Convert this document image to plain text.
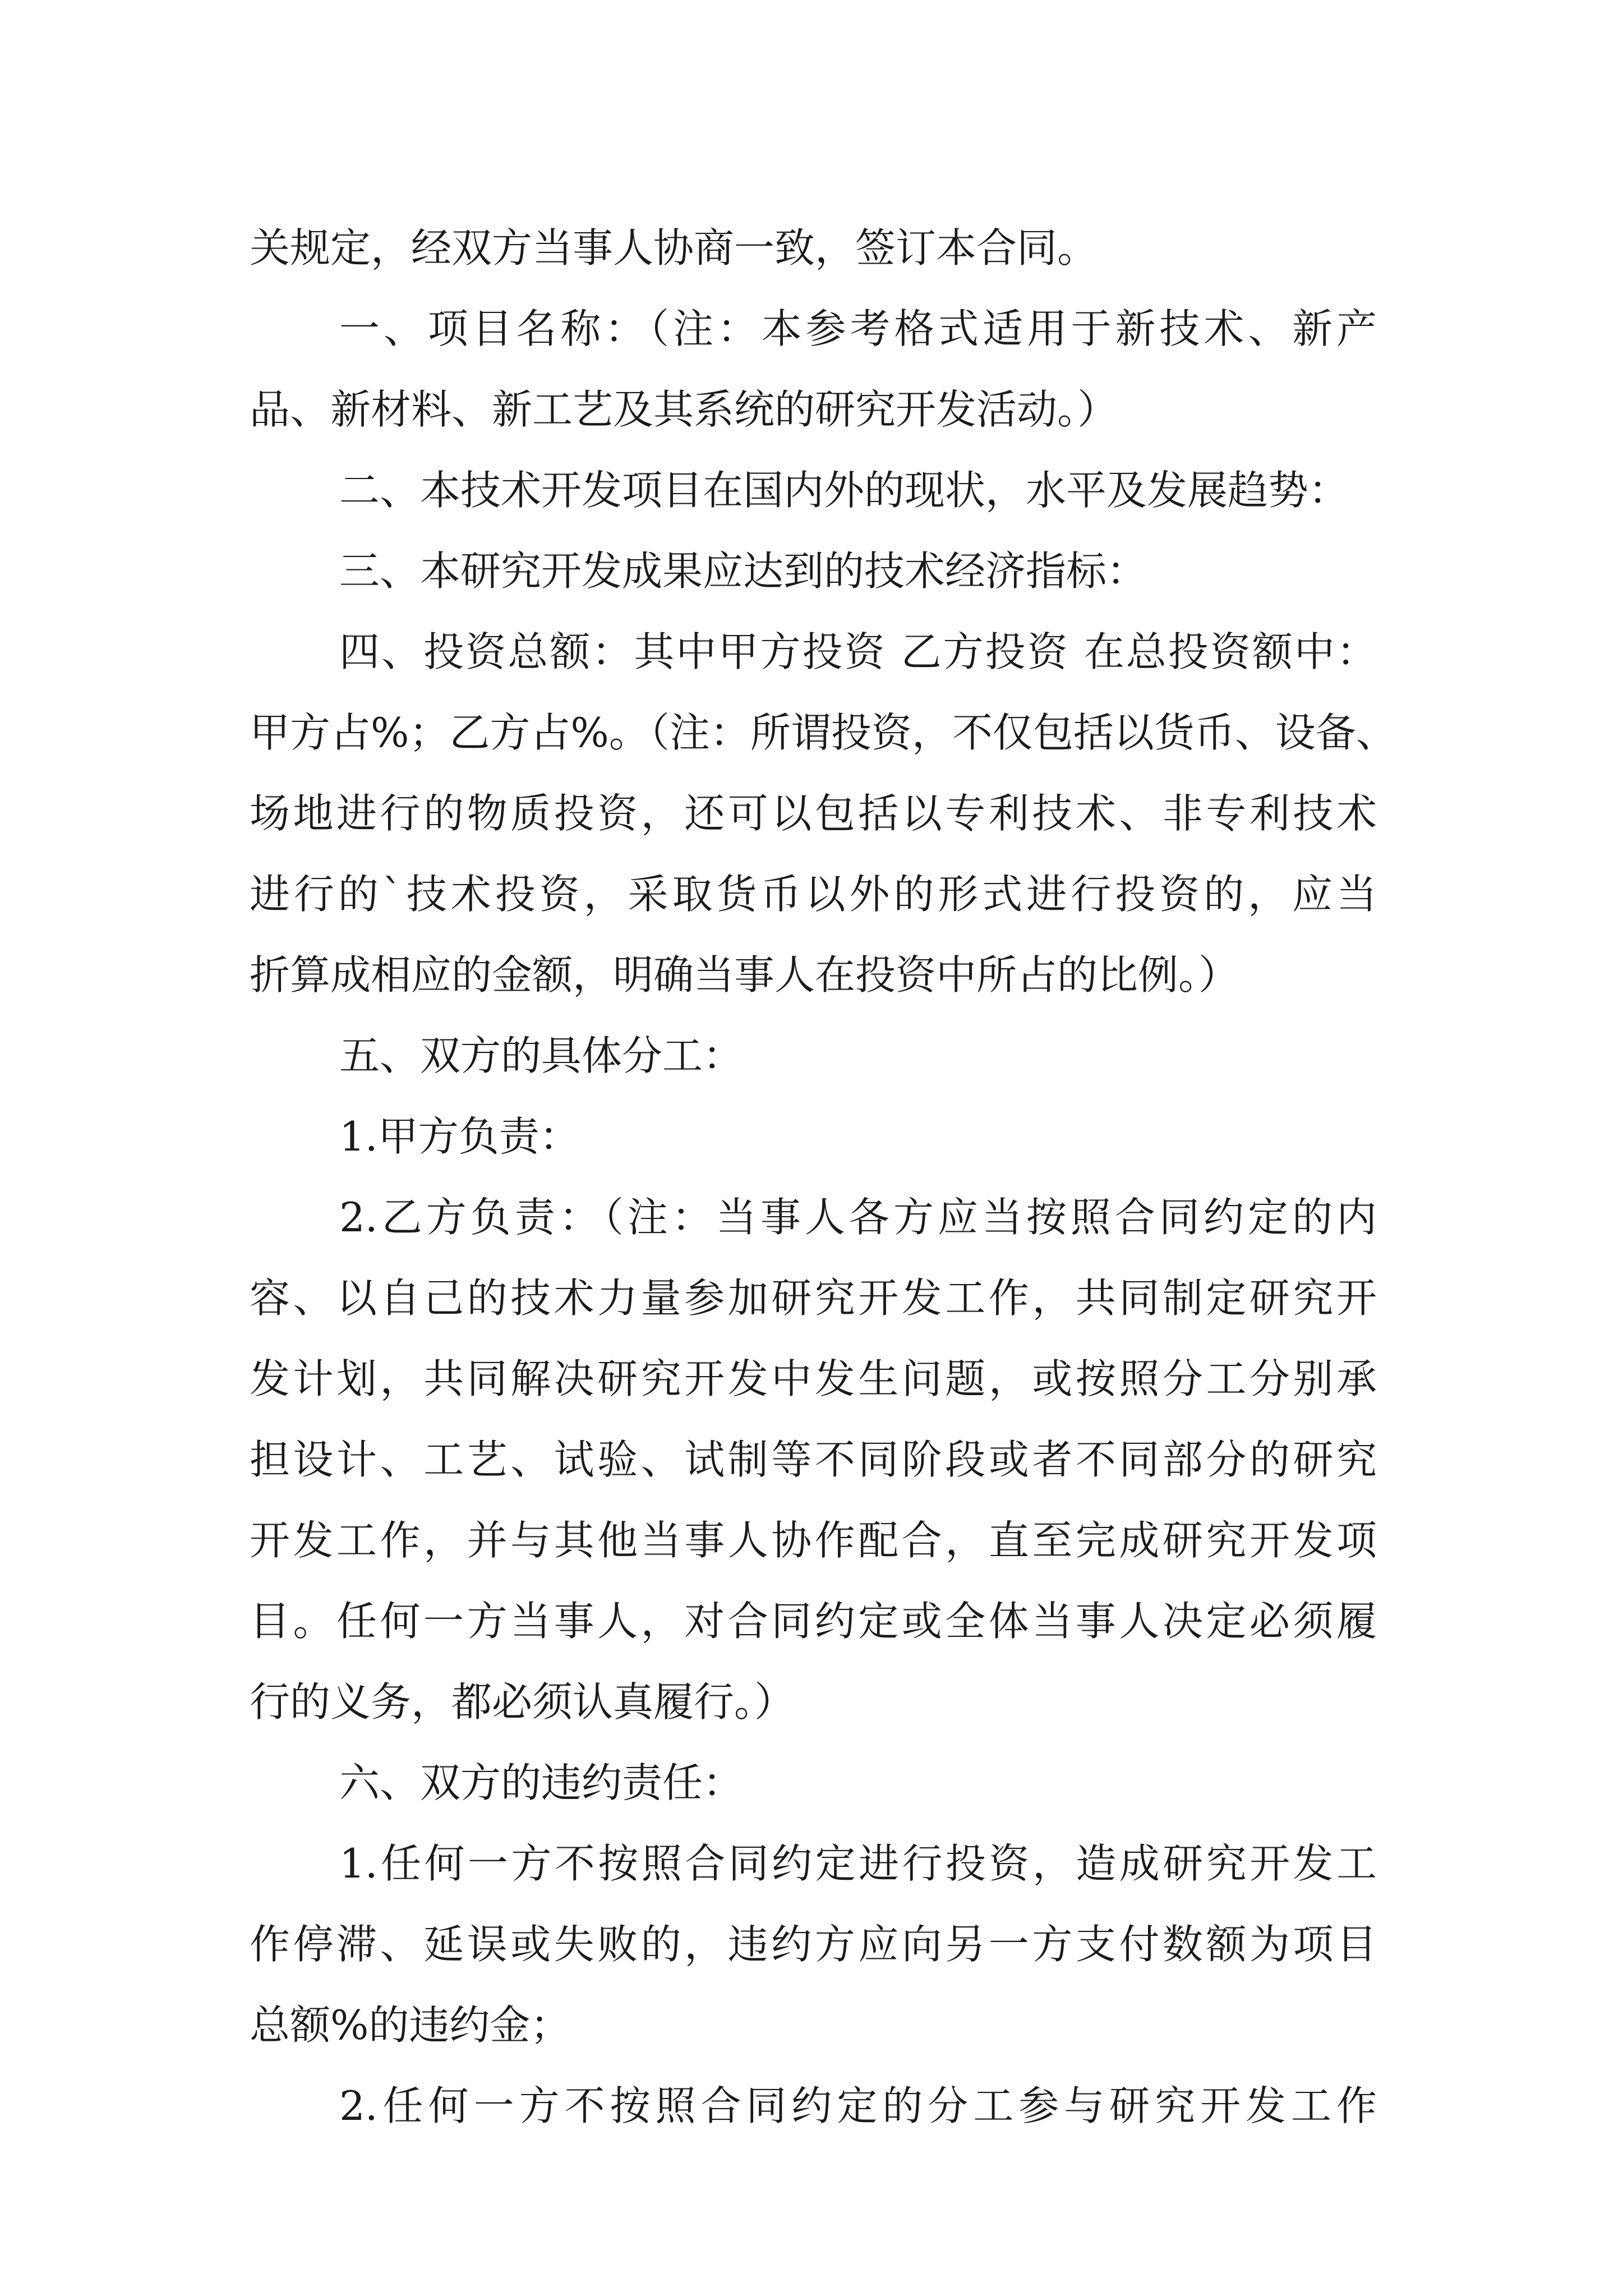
关规定，经双方当事人协商一致，签订本合同。
一、项目名称：（注：本参考格式适用于新技术、新产
品、新材料、新工艺及其系统的研究开发活动。）
二、本技术开发项目在国内外的现状，水平及发展趋势：
三、本研究开发成果应达到的技术经济指标：
四、投资总额：其中甲方投资 乙方投资 在总投资额中：
甲方占%；乙方占%。（注：所谓投资，不仅包括以货币、设备、
场地进行的物质投资，还可以包括以专利技术、非专利技术
进行的`技术投资，采取货币以外的形式进行投资的，应当
折算成相应的金额，明确当事人在投资中所占的比例。）
五、双方的具体分工：
1.甲方负责：
2.乙方负责：（注：当事人各方应当按照合同约定的内
容、以自己的技术力量参加研究开发工作，共同制定研究开
发计划，共同解决研究开发中发生问题，或按照分工分别承
担设计、工艺、试验、试制等不同阶段或者不同部分的研究
开发工作，并与其他当事人协作配合，直至完成研究开发项
目。任何一方当事人，对合同约定或全体当事人决定必须履
行的义务，都必须认真履行。）
六、双方的违约责任：
1.任何一方不按照合同约定进行投资，造成研究开发工
作停滞、延误或失败的，违约方应向另一方支付数额为项目
总额%的违约金；
2.任何一方不按照合同约定的分工参与研究开发工作
